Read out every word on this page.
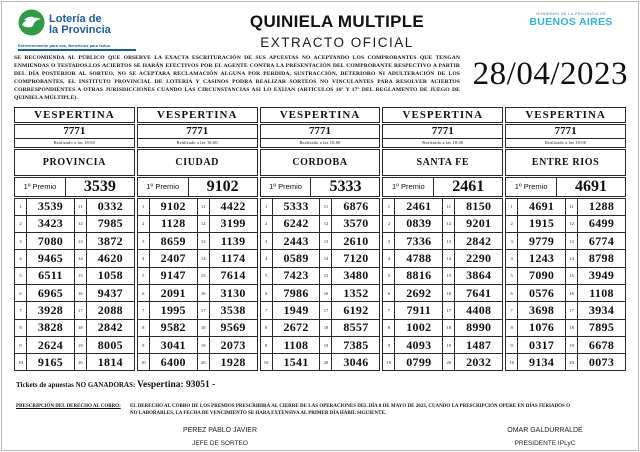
Lotería de
la Provincia
Entretenimiento para vos, Beneficios para todos.
QUINIELA MULTIPLE
EXTRACTO OFICIAL
GOBIERNO DE LA PROVINCIA DE
BUENOS AIRES
SE RECOMIENDA AL PÚBLICO QUE OBSERVE LA EXACTA ESCRITURACIÓN DE SUS APUESTAS NO ACEPTANDO LOS COMPROBANTES QUE TENGAN ENMIENDAS O TESTADOS.LOS ACIERTOS SE HARÁN EFECTIVOS POR EL AGENTE CONTRA LA PRESENTACIÓN DEL COMPROBANTE RESPECTIVO A PARTIR DEL DÍA POSTERIOR AL SORTEO, NO SE ACEPTARA RECLAMACIÓN ALGUNA POR PERDIDA, SUSTRACCIÓN, DETERIORO NI ADULTERACIÓN DE LOS COMPROBANTES, EL INSTITUTO PROVINCIAL DE LOTERIA Y CASINOS PODRA REALIZAR SORTEOS NO VINCULANTES PARA RESOLVER ACIERTOS CORRESPONDIENTES A OTRAS JURISDICCIONES CUANDO LAS CIRCUNSTANCIAS ASI LO EXIJAN (ARTICULOS 16º Y 17º DEL REGLAMENTO DE JUEGO DE QUINIELA MÚLTIPLE).
28/04/2023
VESPERTINA
7771
Realizado a las 18:00
PROVINCIA
1º Premio	3539
1	3539	11	0332
2	3423	12	7985
3	7080	13	3872
4	9465	14	4620
5	6511	15	1058
6	6965	16	9437
7	3928	17	2088
8	3828	18	2842
9	2624	19	8005
10	9165	20	1814
VESPERTINA
7771
Realizado a las 18:00
CIUDAD
1º Premio	9102
1	9102	11	4422
2	1128	12	3199
3	8659	13	1139
4	2407	14	1174
5	9147	15	7614
6	2091	16	3130
7	1995	17	3538
8	9582	18	9569
9	3041	19	2073
10	6400	20	1928
VESPERTINA
7771
Realizado a las 18:00
CORDOBA
1º Premio	5333
1	5333	11	6876
2	6242	12	3570
3	2443	13	2610
4	0589	14	7120
5	7423	15	3480
6	7986	16	1352
7	1949	17	6192
8	2672	18	8557
9	1108	19	7385
10	1541	20	3046
VESPERTINA
7771
Realizado a las 18:00
SANTA FE
1º Premio	2461
1	2461	11	8150
2	0839	12	9201
3	7336	13	2842
4	4788	14	2290
5	8816	15	3864
6	2692	16	7641
7	7911	17	4408
8	1002	18	8990
9	4093	19	1487
10	0799	20	2032
VESPERTINA
7771
Realizado a las 18:00
ENTRE RIOS
1º Premio	4691
1	4691	11	1288
2	1915	12	6499
3	9779	13	6774
4	1243	14	8798
5	7090	15	3949
6	0576	16	1108
7	3698	17	3934
8	1076	18	7895
9	0317	19	6678
10	9134	20	0073
Tickets de apuestas NO GANADORAS: Vespertina: 93051 -
PRESCRIPCIÓN DEL DERECHO AL COBRO:	EL DERECHO AL COBRO DE LOS PREMIOS PRESCRIBIRÁ AL CIERRE DE LAS OPERACIONES DEL DÍA 8 DE MAYO DE 2023, CUANDO LA PRESCRIPCIÓN OPERE EN DÍAS FERIADOS O NO LABORABLES, LA FECHA DE VENCIMIENTO SE HARA EXTENSIVA AL PRIMER DÍA HÁBIL SIGUIENTE.
PEREZ PABLO JAVIER
JEFE DE SORTEO
OMAR GALDURRALDE
PRESIDENTE IPLyC
